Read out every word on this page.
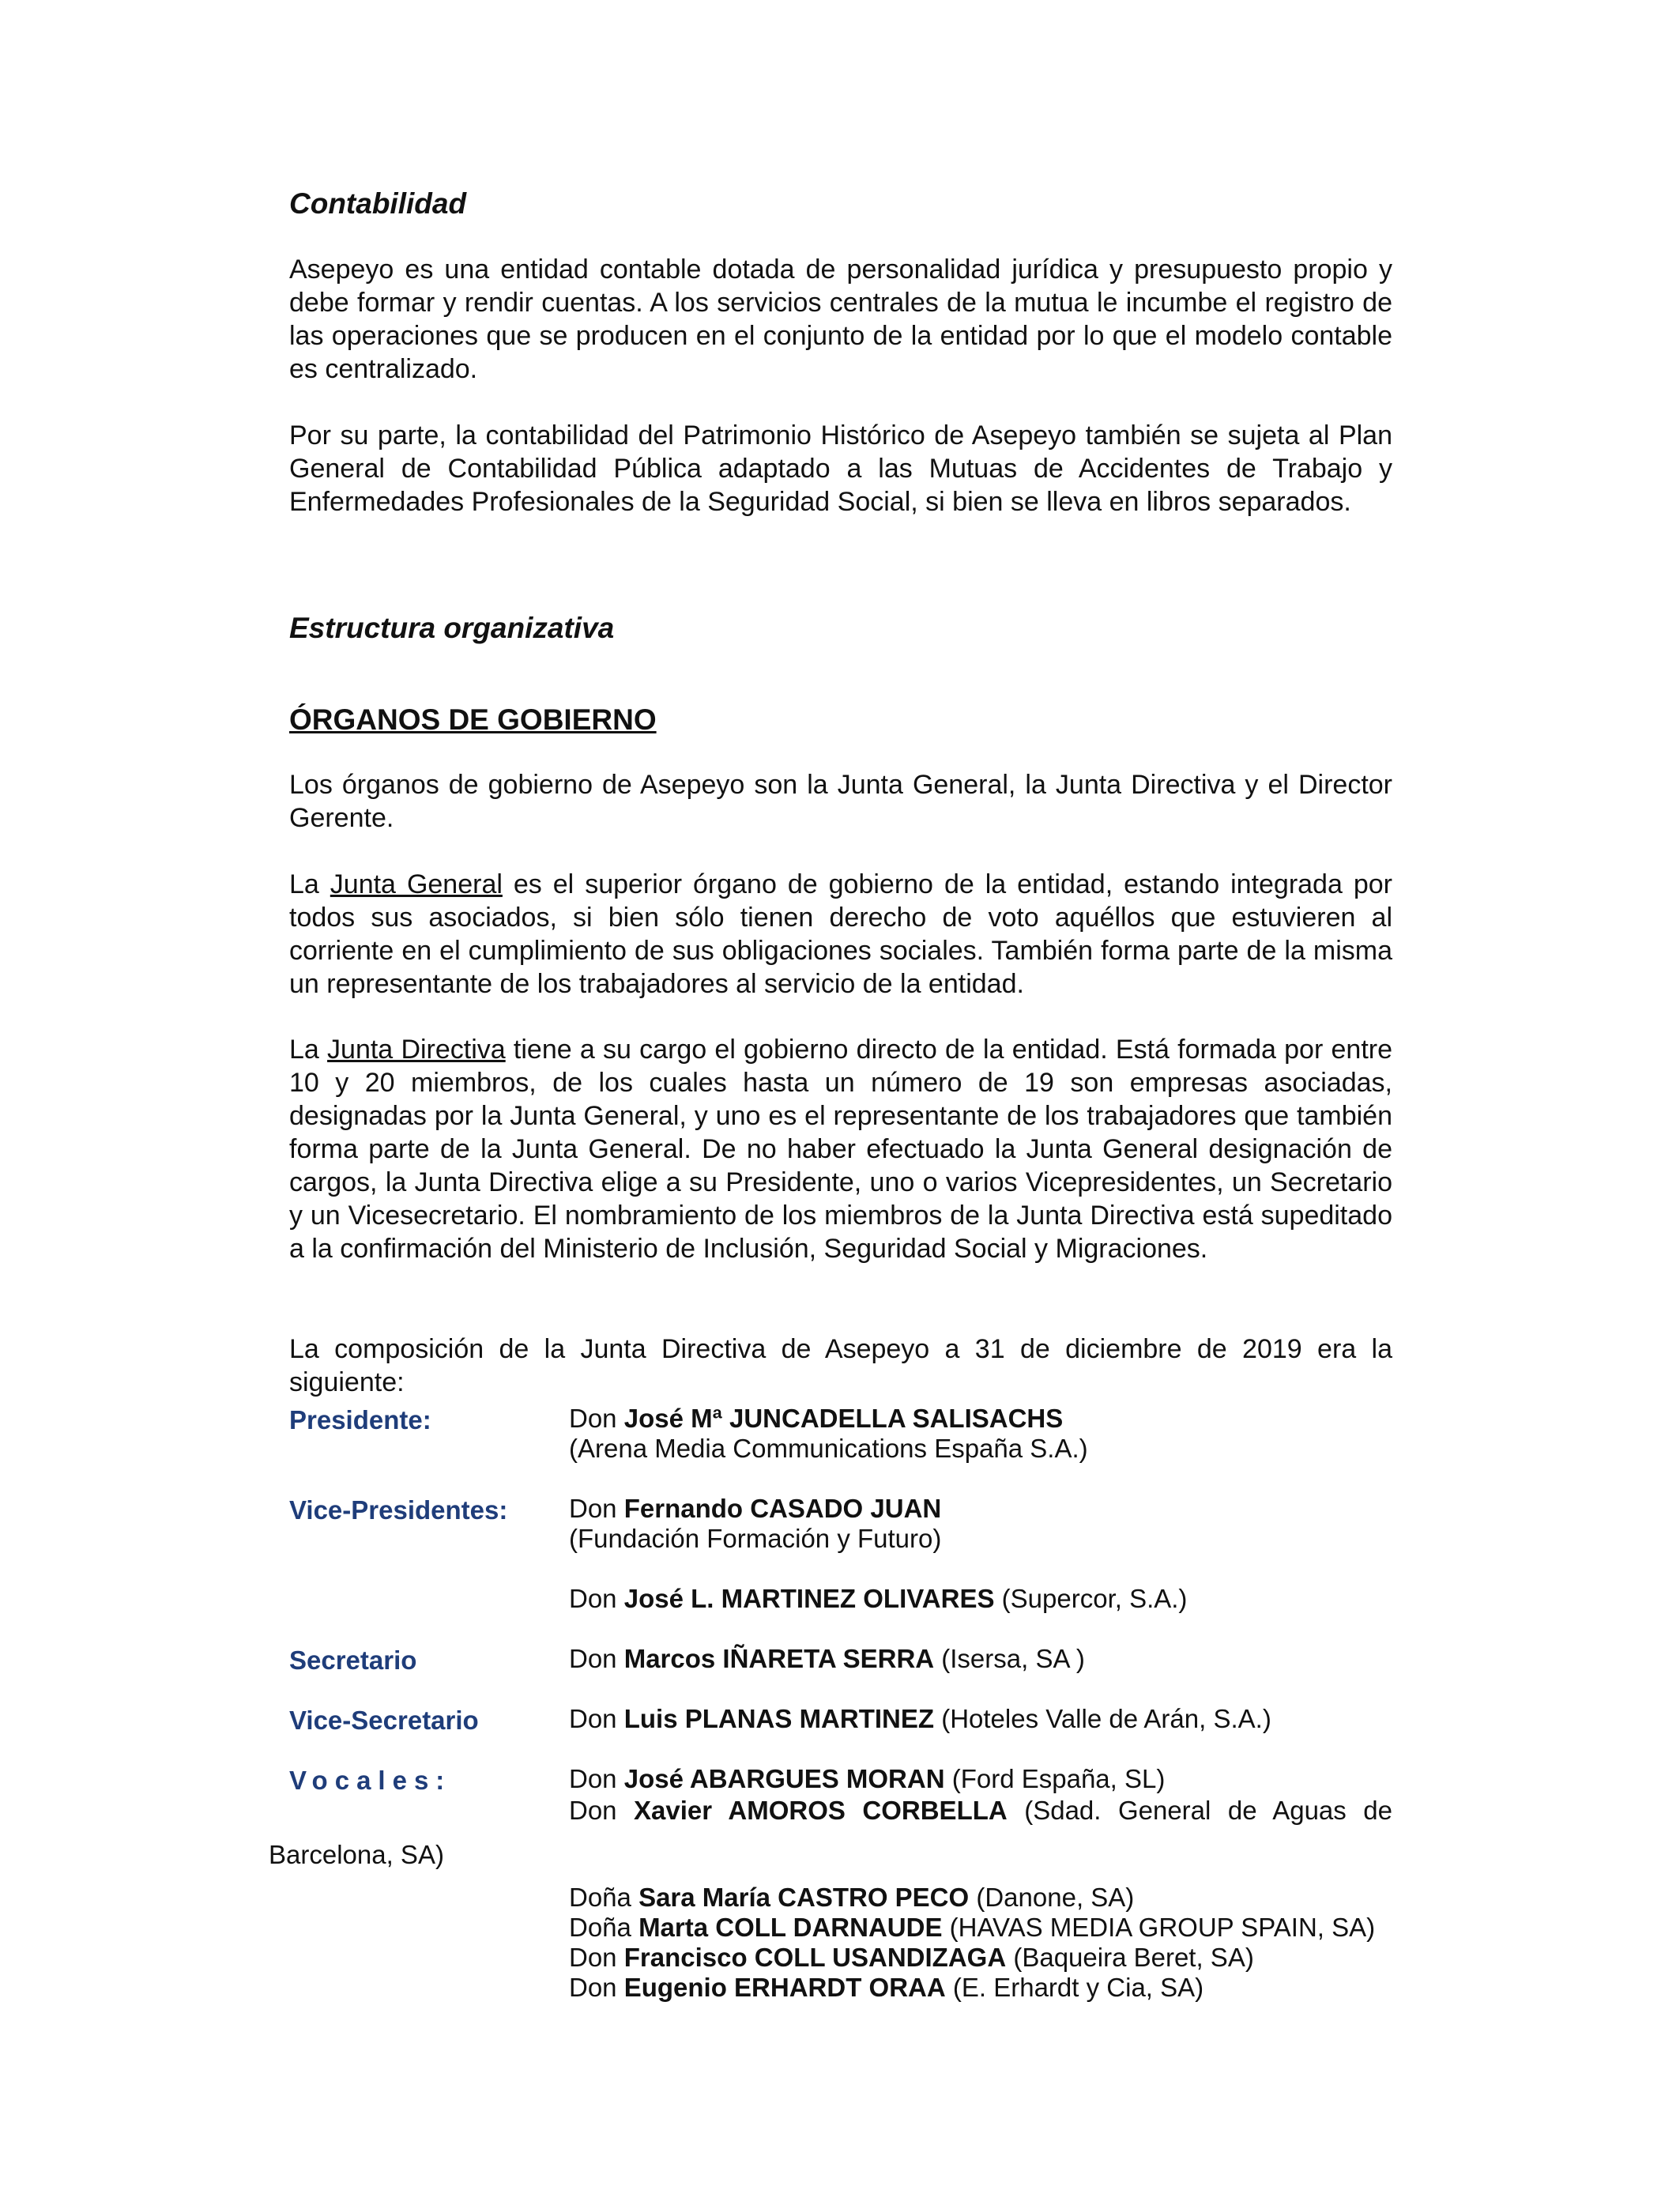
Contabilidad

Asepeyo es una entidad contable dotada de personalidad jurídica y presupuesto propio y debe formar y rendir cuentas. A los servicios centrales de la mutua le incumbe el registro de las operaciones que se producen en el conjunto de la entidad por lo que el modelo contable es centralizado.

Por su parte, la contabilidad del Patrimonio Histórico de Asepeyo también se sujeta al Plan General de Contabilidad Pública adaptado a las Mutuas de Accidentes de Trabajo y Enfermedades Profesionales de la Seguridad Social, si bien se lleva en libros separados.

Estructura organizativa
ÓRGANOS DE GOBIERNO

Los órganos de gobierno de Asepeyo son la Junta General, la Junta Directiva y el Director Gerente.

La Junta General es el superior órgano de gobierno de la entidad, estando integrada por todos sus asociados, si bien sólo tienen derecho de voto aquéllos que estuvieren al corriente en el cumplimiento de sus obligaciones sociales. También forma parte de la misma un representante de los trabajadores al servicio de la entidad.

La Junta Directiva tiene a su cargo el gobierno directo de la entidad. Está formada por entre 10 y 20 miembros, de los cuales hasta un número de 19 son empresas asociadas, designadas por la Junta General, y uno es el representante de los trabajadores que también forma parte de la Junta General. De no haber efectuado la Junta General designación de cargos, la Junta Directiva elige a su Presidente, uno o varios Vicepresidentes, un Secretario y un Vicesecretario. El nombramiento de los miembros de la Junta Directiva está supeditado a la confirmación del Ministerio de Inclusión, Seguridad Social y Migraciones.

La composición de la Junta Directiva de Asepeyo a 31 de diciembre de 2019 era la siguiente:

Presidente:	Don José Mª JUNCADELLA SALISACHS
(Arena Media Communications España S.A.)
Vice-Presidentes: Don Fernando CASADO JUAN
(Fundación Formación y Futuro)
Don José L. MARTINEZ OLIVARES (Supercor, S.A.)
Secretario	Don Marcos IÑARETA SERRA (Isersa, SA )
Vice-Secretario	Don Luis PLANAS MARTINEZ (Hoteles Valle de Arán, S.A.)
Vocales:	Don José ABARGUES MORAN (Ford España, SL)
Don Xavier AMOROS CORBELLA (Sdad. General de Aguas de
Barcelona, SA)
Doña Sara María CASTRO PECO (Danone, SA)
Doña Marta COLL DARNAUDE (HAVAS MEDIA GROUP SPAIN, SA)
Don Francisco COLL USANDIZAGA (Baqueira Beret, SA)
Don Eugenio ERHARDT ORAA (E. Erhardt y Cia, SA)
